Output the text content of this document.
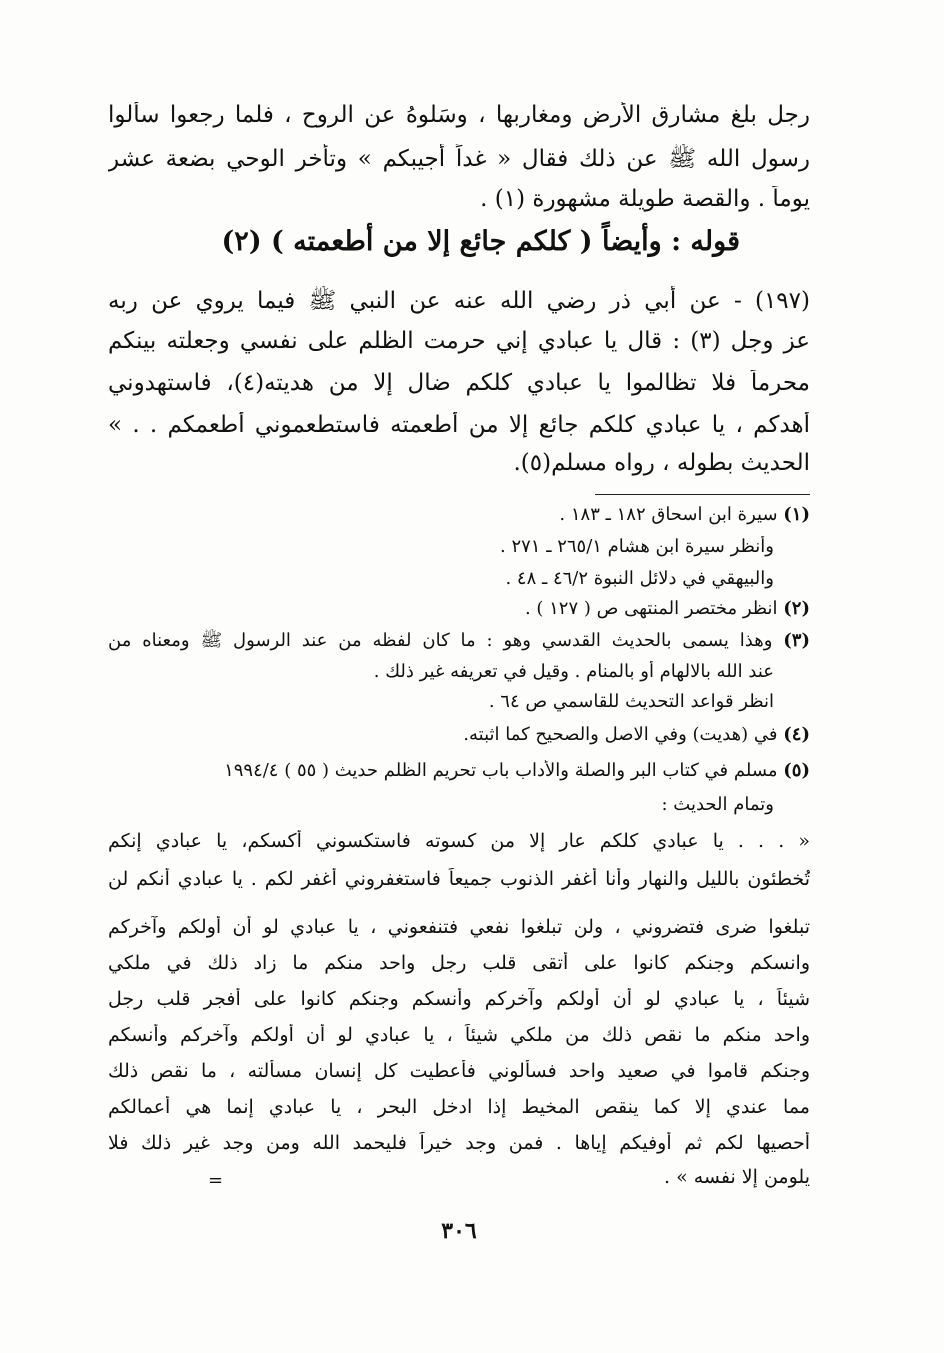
رجل بلغ مشارق الأرض ومغاربها ، وسَلوهُ عن الروح ، فلما رجعوا سألوا
رسول الله ﷺ عن ذلك فقال « غداً أجيبكم » وتأخر الوحي بضعة عشر
يوماً . والقصة طويلة مشهورة (١) .
قوله : وأيضاً ( كلكم جائع إلا من أطعمته ) (٢)
(١٩٧) - عن أبي ذر رضي الله عنه عن النبي ﷺ فيما يروي عن ربه
عز وجل (٣) : قال يا عبادي إني حرمت الظلم على نفسي وجعلته بينكم
محرماً فلا تظالموا يا عبادي كلكم ضال إلا من هديته(٤)، فاستهدوني
أهدكم ، يا عبادي كلكم جائع إلا من أطعمته فاستطعموني أطعمكم . . »
الحديث بطوله ، رواه مسلم(٥).
(١) سيرة ابن اسحاق ١٨٢ ـ ١٨٣ .
وأنظر سيرة ابن هشام ٢٦٥/١ ـ ٢٧١ .
والبيهقي في دلائل النبوة ٤٦/٢ ـ ٤٨ .
(٢) انظر مختصر المنتهى ص ( ١٢٧ ) .
(٣) وهذا يسمى بالحديث القدسي وهو : ما كان لفظه من عند الرسول ﷺ ومعناه من
عند الله بالالهام أو بالمنام . وقيل في تعريفه غير ذلك .
انظر قواعد التحديث للقاسمي ص ٦٤ .
(٤) في (هديت) وفي الاصل والصحيح كما اثبته.
(٥) مسلم في كتاب البر والصلة والأداب باب تحريم الظلم حديث ( ٥٥ ) ١٩٩٤/٤
وتمام الحديث :
« . . . يا عبادي كلكم عار إلا من كسوته فاستكسوني أكسكم، يا عبادي إنكم
تُخطئون بالليل والنهار وأنا أغفر الذنوب جميعاً فاستغفروني أغفر لكم . يا عبادي أنكم لن
تبلغوا ضرى فتضروني ، ولن تبلغوا نفعي فتنفعوني ، يا عبادي لو أن أولكم وآخركم
وانسكم وجنكم كانوا على أتقى قلب رجل واحد منكم ما زاد ذلك في ملكي
شيئاً ، يا عبادي لو أن أولكم وآخركم وأنسكم وجنكم كانوا على أفجر قلب رجل
واحد منكم ما نقص ذلك من ملكي شيئاً ، يا عبادي لو أن أولكم وآخركم وأنسكم
وجنكم قاموا في صعيد واحد فسألوني فأعطيت كل إنسان مسألته ، ما نقص ذلك
مما عندي إلا كما ينقص المخيط إذا ادخل البحر ، يا عبادي إنما هي أعمالكم
أحصيها لكم ثم أوفيكم إياها . فمن وجد خيراً فليحمد الله ومن وجد غير ذلك فلا
يلومن إلا نفسه » .
=
٣٠٦
